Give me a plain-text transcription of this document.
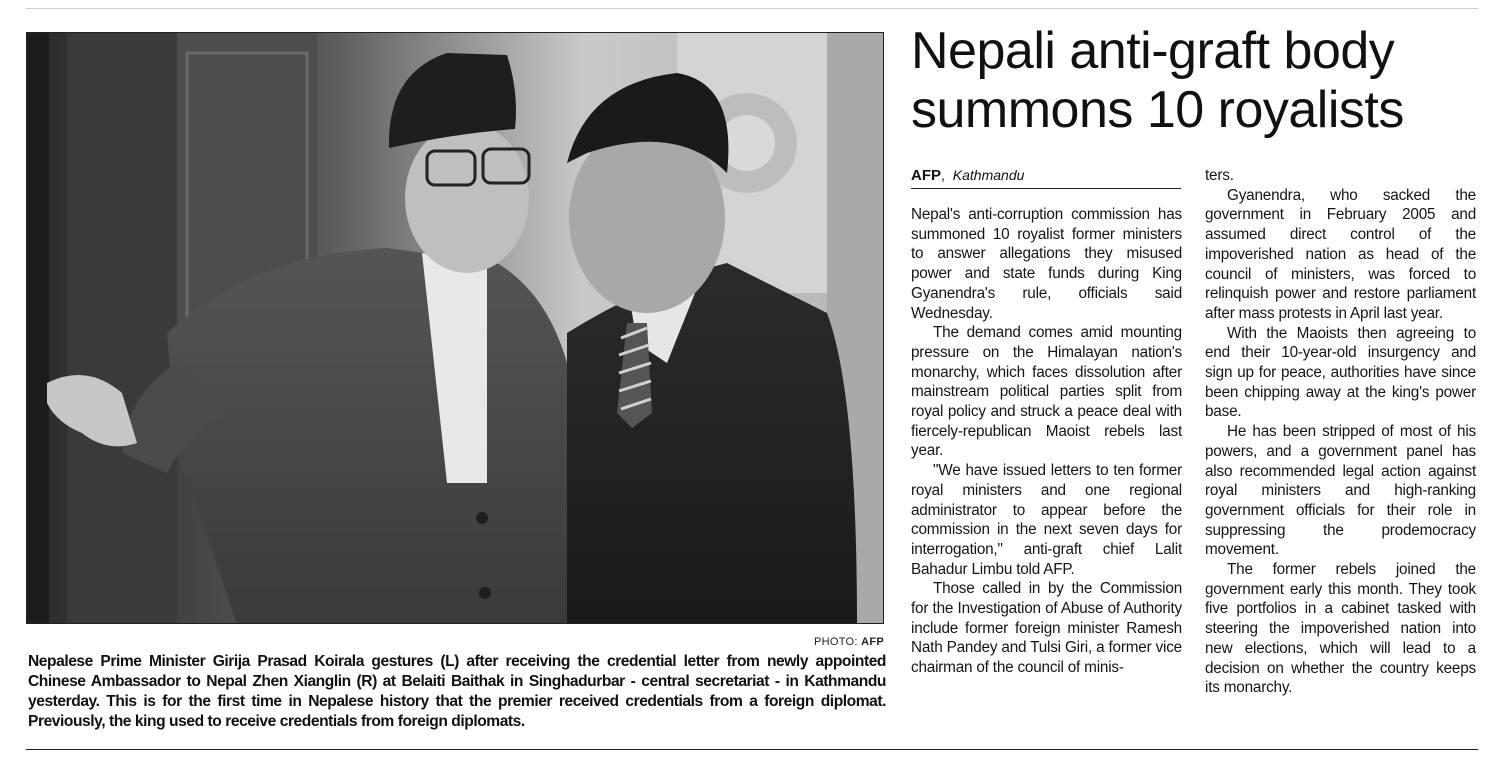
PHOTO: AFP
Nepalese Prime Minister Girija Prasad Koirala gestures (L) after receiving the credential letter from newly appointed Chinese Ambassador to Nepal Zhen Xianglin (R) at Belaiti Baithak in Singhadurbar - central secretariat - in Kathmandu yesterday. This is for the first time in Nepalese history that the premier received credentials from a foreign diplomat. Previously, the king used to receive credentials from foreign diplomats.
Nepali anti-graft body summons 10 royalists
AFP, Kathmandu

Nepal's anti-corruption commission has summoned 10 royalist former ministers to answer allegations they misused power and state funds during King Gyanendra's rule, officials said Wednesday.

The demand comes amid mounting pressure on the Himalayan nation's monarchy, which faces dissolution after mainstream political parties split from royal policy and struck a peace deal with fiercely-republican Maoist rebels last year.

"We have issued letters to ten former royal ministers and one regional administrator to appear before the commission in the next seven days for interrogation," anti-graft chief Lalit Bahadur Limbu told AFP.

Those called in by the Commission for the Investigation of Abuse of Authority include former foreign minister Ramesh Nath Pandey and Tulsi Giri, a former vice chairman of the council of minis-

ters.

Gyanendra, who sacked the government in February 2005 and assumed direct control of the impoverished nation as head of the council of ministers, was forced to relinquish power and restore parliament after mass protests in April last year.

With the Maoists then agreeing to end their 10-year-old insurgency and sign up for peace, authorities have since been chipping away at the king's power base.

He has been stripped of most of his powers, and a government panel has also recommended legal action against royal ministers and high-ranking government officials for their role in suppressing the prodemocracy movement.

The former rebels joined the government early this month. They took five portfolios in a cabinet tasked with steering the impoverished nation into new elections, which will lead to a decision on whether the country keeps its monarchy.
